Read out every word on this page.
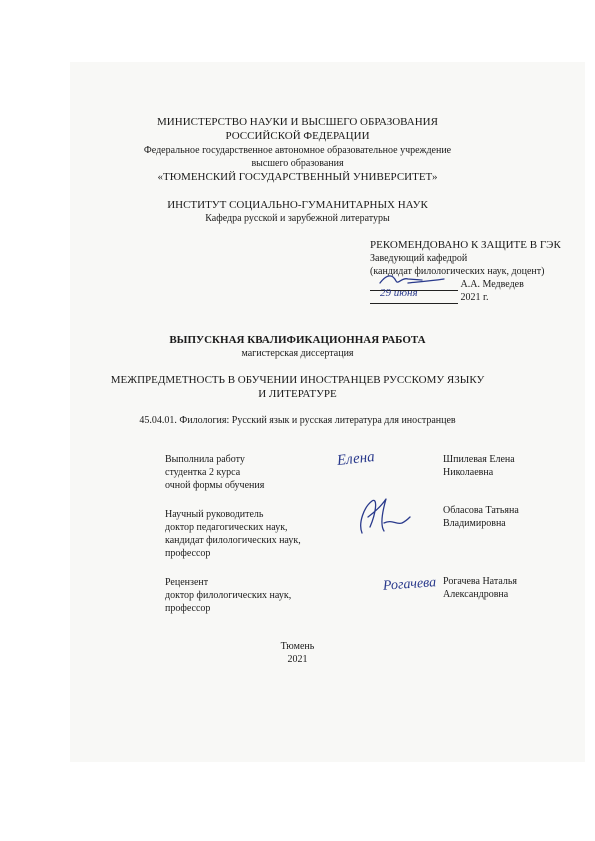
МИНИСТЕРСТВО НАУКИ И ВЫСШЕГО ОБРАЗОВАНИЯ
РОССИЙСКОЙ ФЕДЕРАЦИИ
Федеральное государственное автономное образовательное учреждение
высшего образования
«ТЮМЕНСКИЙ ГОСУДАРСТВЕННЫЙ УНИВЕРСИТЕТ»
ИНСТИТУТ СОЦИАЛЬНО-ГУМАНИТАРНЫХ НАУК
Кафедра русской и зарубежной литературы
РЕКОМЕНДОВАНО К ЗАЩИТЕ В ГЭК
Заведующий кафедрой
(кандидат филологических наук, доцент)
А.А. Медведев
29 июня	2021 г.
ВЫПУСКНАЯ КВАЛИФИКАЦИОННАЯ РАБОТА
магистерская диссертация
МЕЖПРЕДМЕТНОСТЬ В ОБУЧЕНИИ ИНОСТРАНЦЕВ РУССКОМУ ЯЗЫКУ
И ЛИТЕРАТУРЕ
45.04.01. Филология: Русский язык и русская литература для иностранцев
Выполнила работу
студентка 2 курса
очной формы обучения
Елена	Шпилевая Елена
Николаевна
Научный руководитель
доктор педагогических наук,
кандидат филологических наук,
профессор
Обласова Татьяна
Владимировна
Рецензент
доктор филологических наук,
профессор
Рогачева Рогачева Наталья
Александровна
Тюмень
2021
